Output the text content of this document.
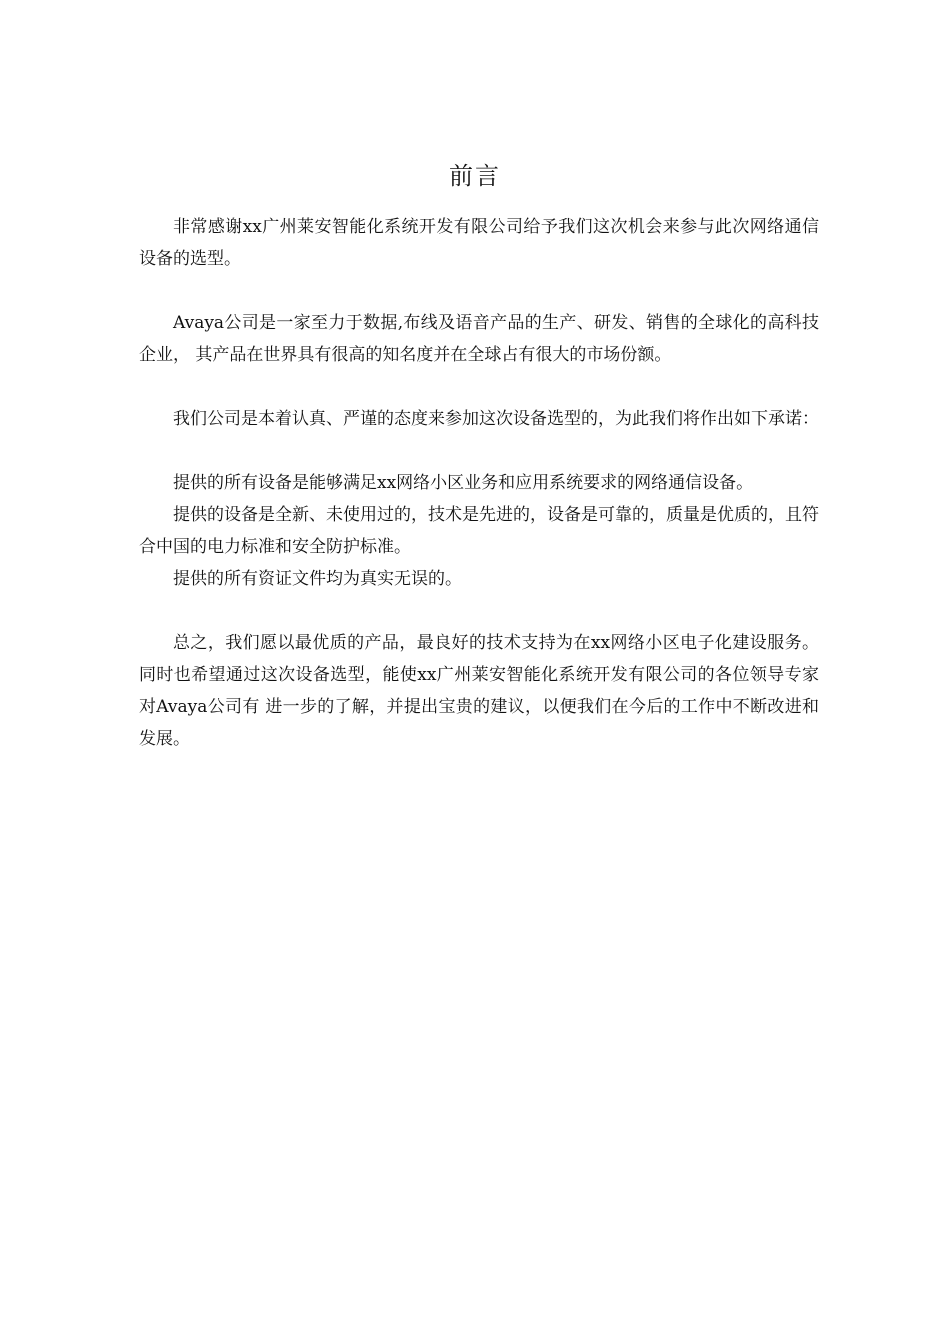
前言

非常感谢xx广州莱安智能化系统开发有限公司给予我们这次机会来参与此次网络通信设备的选型。

Avaya公司是一家至力于数据,布线及语音产品的生产、研发、销售的全球化的高科技企业， 其产品在世界具有很高的知名度并在全球占有很大的市场份额。

我们公司是本着认真、严谨的态度来参加这次设备选型的，为此我们将作出如下承诺：

提供的所有设备是能够满足xx网络小区业务和应用系统要求的网络通信设备。

提供的设备是全新、未使用过的，技术是先进的，设备是可靠的，质量是优质的，且符合中国的电力标准和安全防护标准。

提供的所有资证文件均为真实无误的。

总之，我们愿以最优质的产品，最良好的技术支持为在xx网络小区电子化建设服务。同时也希望通过这次设备选型，能使xx广州莱安智能化系统开发有限公司的各位领导专家对Avaya公司有 进一步的了解，并提出宝贵的建议，以便我们在今后的工作中不断改进和发展。
